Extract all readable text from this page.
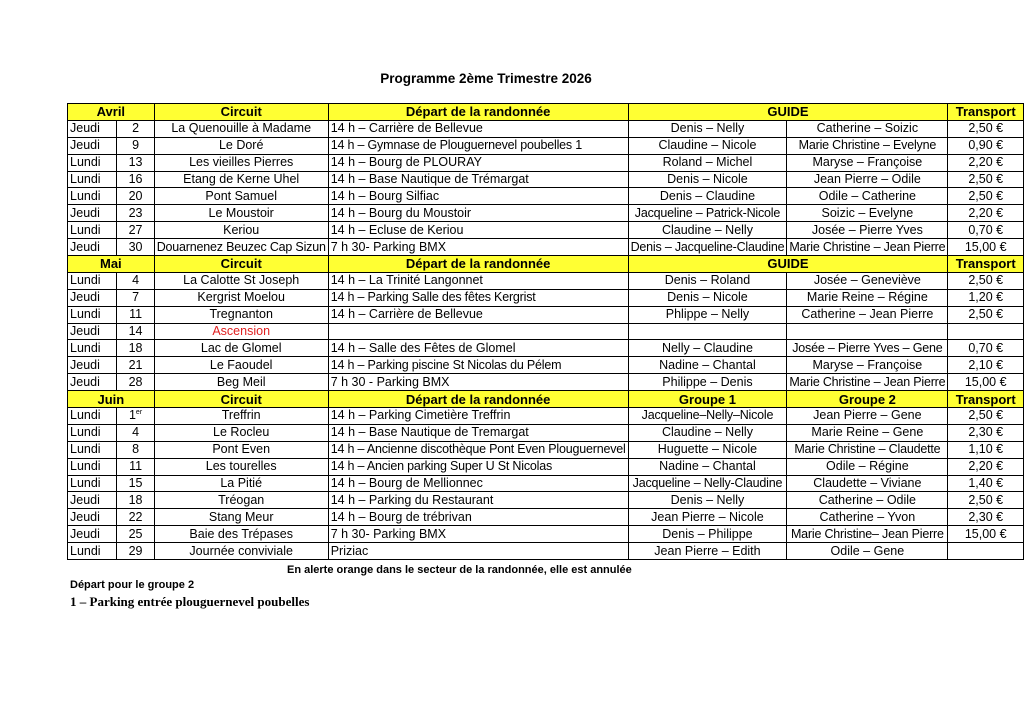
Programme 2ème Trimestre 2026
Avril		Circuit	Départ de la randonnée	GUIDE		Transport
Jeudi	2	La Quenouille à Madame	14 h – Carrière de Bellevue	Denis – Nelly	Catherine – Soizic	2,50 €
Jeudi	9	Le Doré	14 h – Gymnase de Plouguernevel poubelles 1	Claudine – Nicole	Marie Christine – Evelyne	0,90 €
Lundi	13	Les vieilles Pierres	14 h – Bourg de PLOURAY	Roland – Michel	Maryse – Françoise	2,20 €
Lundi	16	Etang de Kerne Uhel	14 h – Base Nautique de Trémargat	Denis – Nicole	Jean Pierre – Odile	2,50 €
Lundi	20	Pont Samuel	14 h – Bourg Silfiac	Denis – Claudine	Odile – Catherine	2,50 €
Jeudi	23	Le Moustoir	14 h – Bourg du Moustoir	Jacqueline – Patrick-Nicole	Soizic – Evelyne	2,20 €
Lundi	27	Keriou	14 h – Ecluse de Keriou	Claudine – Nelly	Josée – Pierre Yves	0,70 €
Jeudi	30	Douarnenez Beuzec Cap Sizun	7 h 30- Parking BMX	Denis – Jacqueline-Claudine	Marie Christine – Jean Pierre	15,00 €
Mai		Circuit	Départ de la randonnée	GUIDE		Transport
Lundi	4	La Calotte St Joseph	14 h – La Trinité Langonnet	Denis – Roland	Josée – Geneviève	2,50 €
Jeudi	7	Kergrist Moelou	14 h – Parking Salle des fêtes Kergrist	Denis – Nicole	Marie Reine – Régine	1,20 €
Lundi	11	Tregnanton	14 h – Carrière de Bellevue	Phlippe – Nelly	Catherine – Jean Pierre	2,50 €
Jeudi	14	Ascension				
Lundi	18	Lac de Glomel	14 h – Salle des Fêtes de Glomel	Nelly – Claudine	Josée – Pierre Yves – Gene	0,70 €
Jeudi	21	Le Faoudel	14 h – Parking piscine St Nicolas du Pélem	Nadine – Chantal	Maryse – Françoise	2,10 €
Jeudi	28	Beg Meil	7 h 30 - Parking BMX	Philippe – Denis	Marie Christine – Jean Pierre	15,00 €
Juin		Circuit	Départ de la randonnée	Groupe 1	Groupe 2	Transport
Lundi	1er	Treffrin	14 h – Parking Cimetière Treffrin	Jacqueline–Nelly–Nicole	Jean Pierre – Gene	2,50 €
Lundi	4	Le Rocleu	14 h – Base Nautique de Tremargat	Claudine – Nelly	Marie Reine – Gene	2,30 €
Lundi	8	Pont Even	14 h – Ancienne discothèque Pont Even Plouguernevel	Huguette – Nicole	Marie Christine – Claudette	1,10 €
Lundi	11	Les tourelles	14 h – Ancien parking Super U St Nicolas	Nadine – Chantal	Odile – Régine	2,20 €
Lundi	15	La Pitié	14 h – Bourg de Mellionnec	Jacqueline – Nelly-Claudine	Claudette – Viviane	1,40 €
Jeudi	18	Tréogan	14 h – Parking du Restaurant	Denis – Nelly	Catherine – Odile	2,50 €
Jeudi	22	Stang Meur	14 h – Bourg de trébrivan	Jean Pierre – Nicole	Catherine – Yvon	2,30 €
Jeudi	25	Baie des Trépases	7 h 30- Parking BMX	Denis – Philippe	Marie Christine– Jean Pierre	15,00 €
Lundi	29	Journée conviviale	Priziac	Jean Pierre – Edith	Odile – Gene	
En alerte orange dans le secteur de la randonnée, elle est annulée
Départ pour le groupe 2
1 – Parking entrée plouguernevel poubelles
